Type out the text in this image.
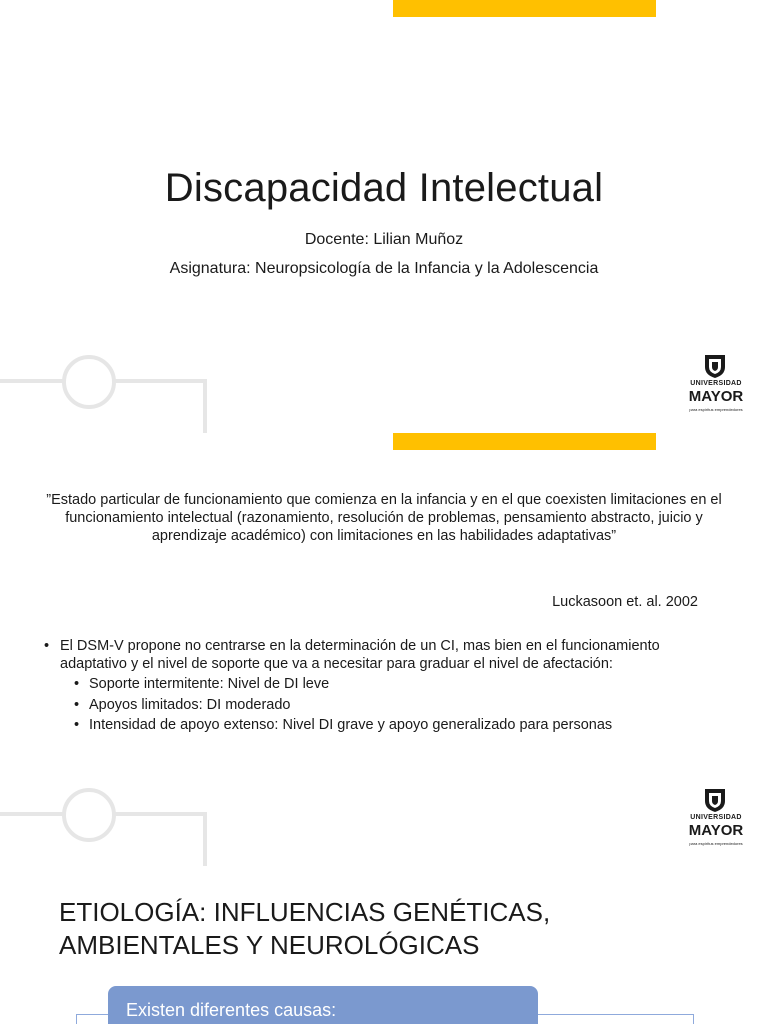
Discapacidad Intelectual
Docente: Lilian Muñoz
Asignatura: Neuropsicología de la Infancia y la Adolescencia
UNIVERSIDAD
MAYOR
para espíritus emprendedores
”Estado particular de funcionamiento que comienza en la infancia y en el que coexisten limitaciones en el funcionamiento intelectual (razonamiento, resolución de problemas, pensamiento abstracto, juicio y aprendizaje académico) con limitaciones en las habilidades adaptativas”
Luckasoon et. al. 2002
• El DSM-V propone no centrarse en la determinación de un CI, mas bien en el funcionamiento adaptativo y el nivel de soporte que va a necesitar para graduar el nivel de afectación:
• Soporte intermitente: Nivel de DI leve
• Apoyos limitados: DI moderado
• Intensidad de apoyo extenso: Nivel DI grave y apoyo generalizado para personas
UNIVERSIDAD
MAYOR
para espíritus emprendedores
ETIOLOGÍA: INFLUENCIAS GENÉTICAS,
AMBIENTALES Y NEUROLÓGICAS
Existen diferentes causas:
